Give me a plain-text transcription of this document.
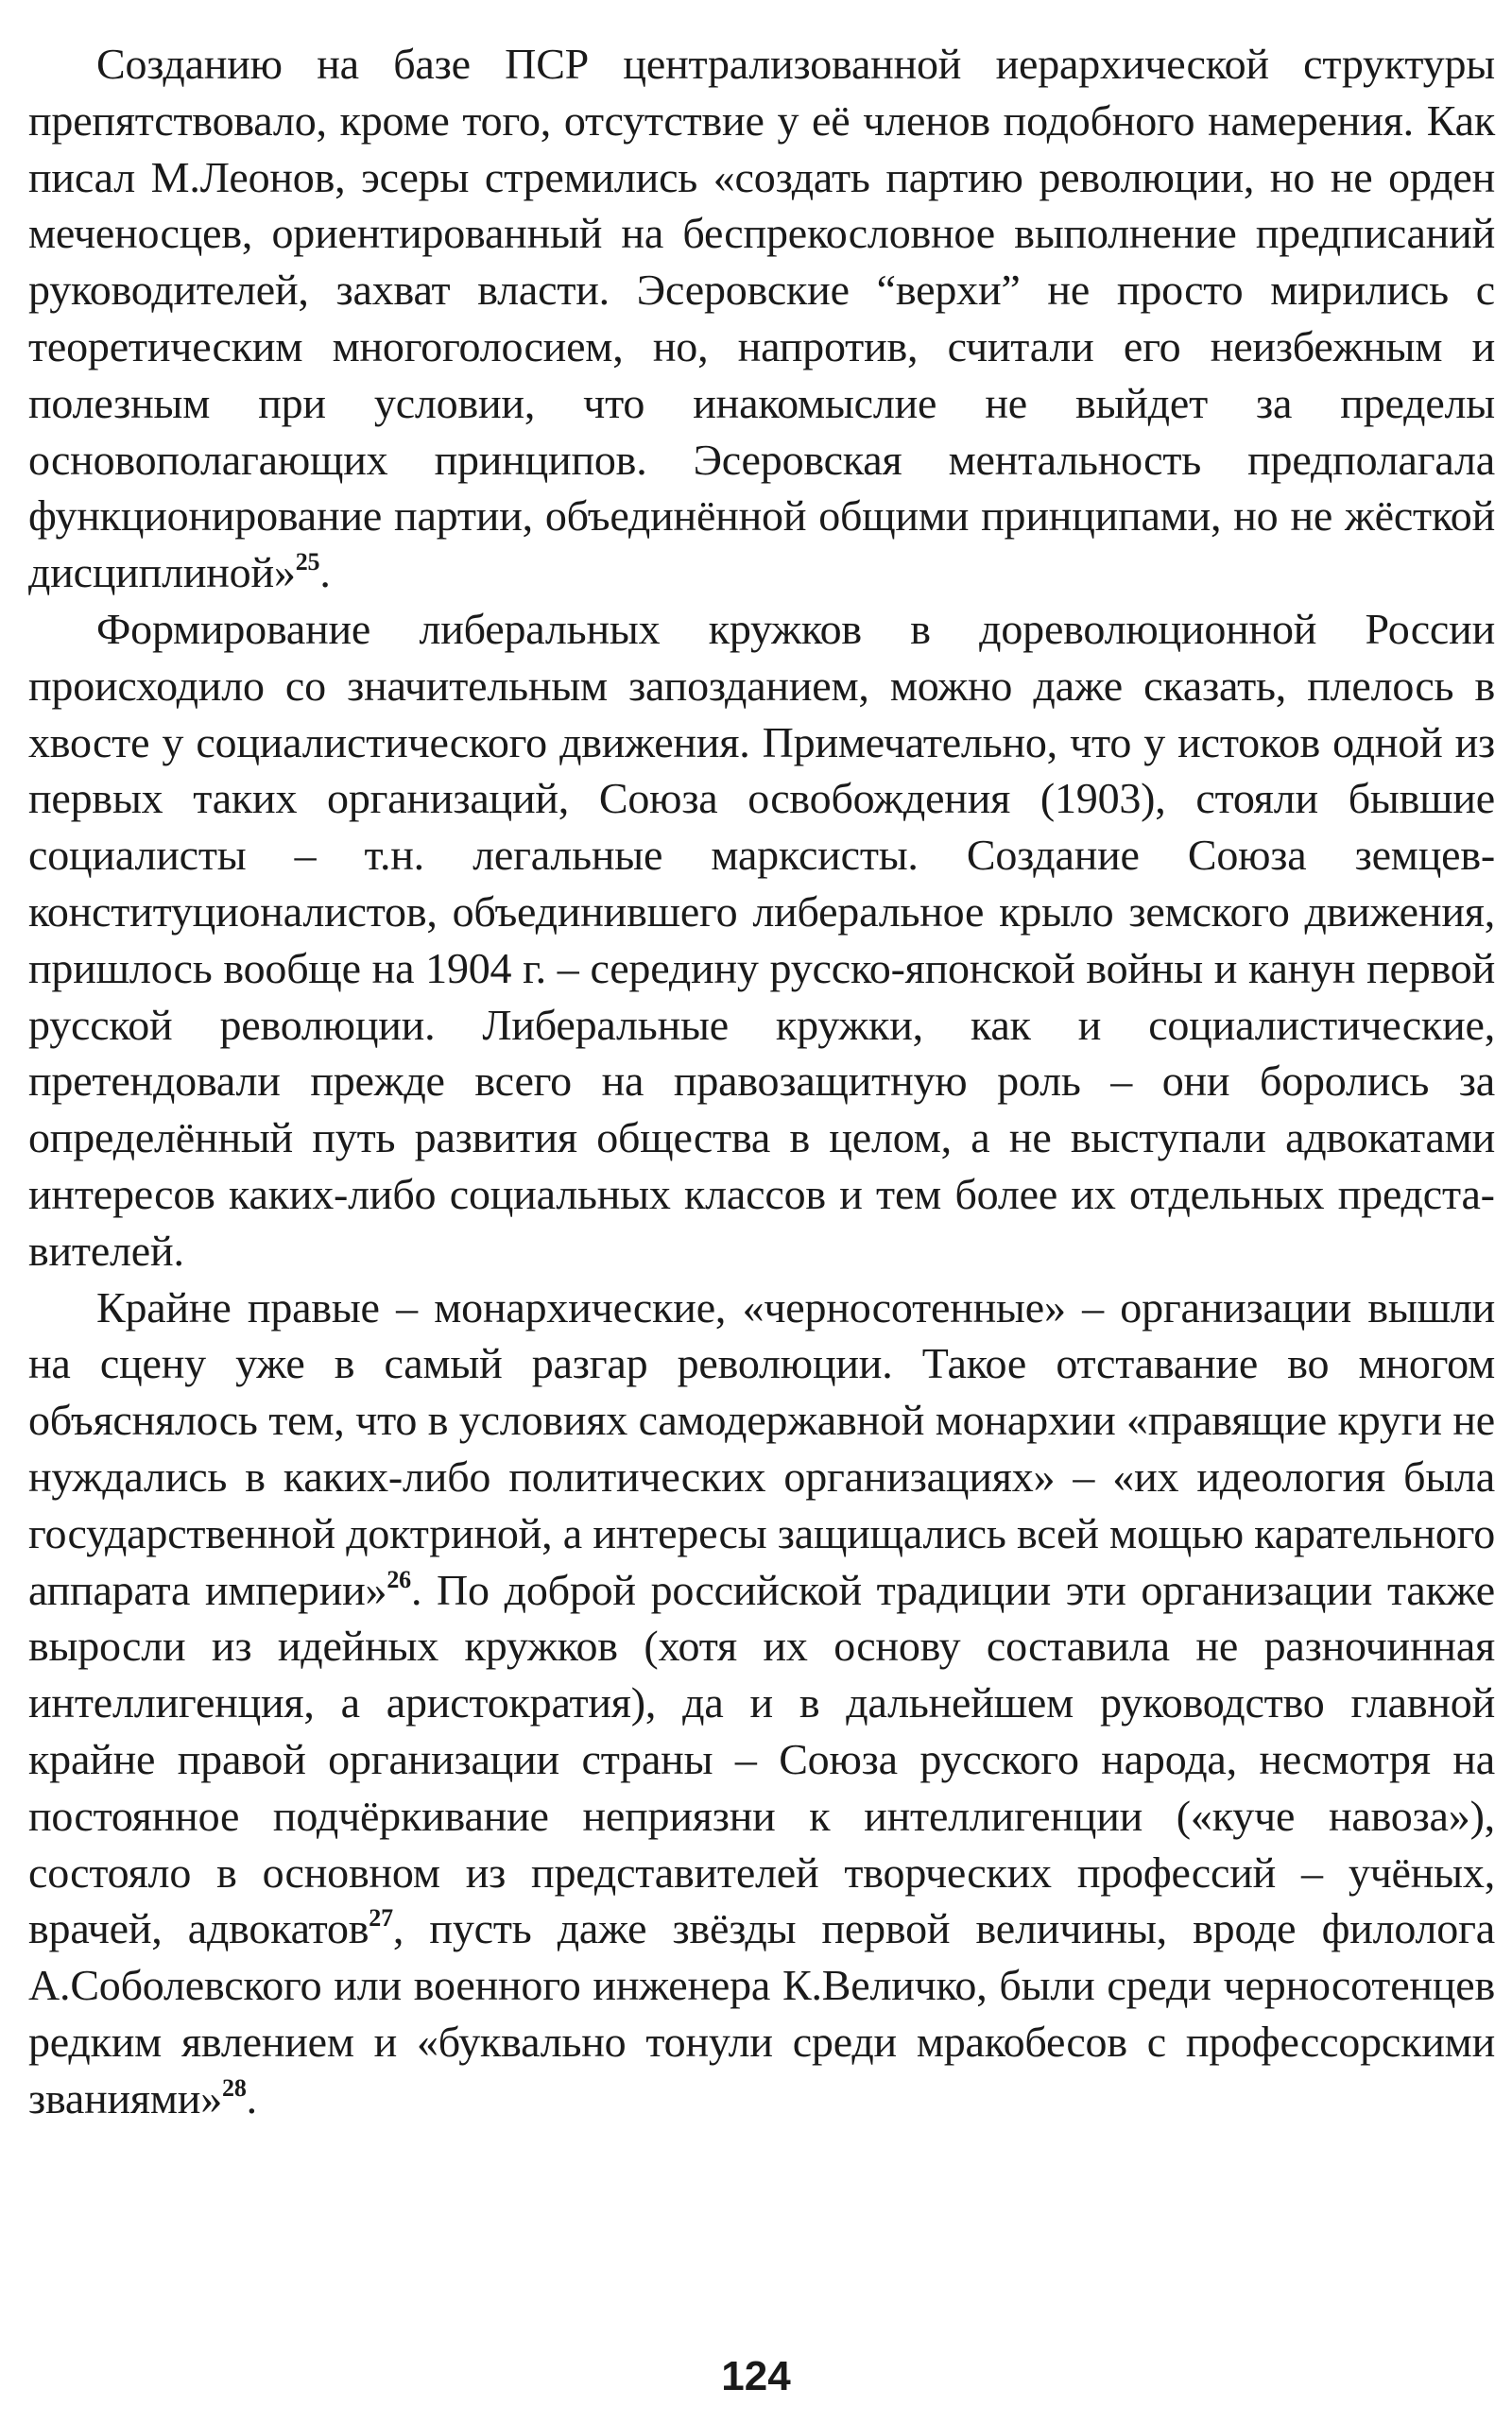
Созданию на базе ПСР централизованной иерархической структуры препятствовало, кроме того, отсутствие у её членов подобного намерения. Как писал М.Леонов, эсеры стремились «создать партию революции, но не орден меченосцев, ориентированный на беспрекословное выполнение предписаний руководителей, захват власти. Эсеровские “верхи” не просто мирились с теоретическим многоголосием, но, напротив, считали его неизбежным и полезным при условии, что инакомыслие не выйдет за пределы основополагающих принципов. Эсеровская ментальность предполагала функционирование партии, объединённой общими принципами, но не жёсткой дисциплиной»$^{25}$.

Формирование либеральных кружков в дореволюционной России происходило со значительным запозданием, можно даже сказать, плелось в хвосте у социалистического движения. Примечательно, что у истоков одной из первых таких организаций, Союза освобождения (1903), стояли бывшие социалисты – т.н. легальные марксисты. Создание Союза земцев-конституционалистов, объединившего либеральное крыло земского движения, пришлось вообще на 1904 г. – середину русско-японской войны и канун первой русской революции. Либеральные кружки, как и социалистические, претендовали прежде всего на правозащитную роль – они боролись за определённый путь развития общества в целом, а не выступали адвокатами интересов каких-либо социальных классов и тем более их отдельных представителей.

Крайне правые – монархические, «черносотенные» – организации вышли на сцену уже в самый разгар революции. Такое отставание во многом объяснялось тем, что в условиях самодержавной монархии «правящие круги не нуждались в каких-либо политических организациях» – «их идеология была государственной доктриной, а интересы защищались всей мощью карательного аппарата империи»$^{26}$. По доброй российской традиции эти организации также выросли из идейных кружков (хотя их основу составила не разночинная интеллигенция, а аристократия), да и в дальнейшем руководство главной крайне правой организации страны – Союза русского народа, несмотря на постоянное подчёркивание неприязни к интеллигенции («куче навоза»), состояло в основном из представителей творческих профессий – учёных, врачей, адвокатов$^{27}$, пусть даже звёзды первой величины, вроде филолога А.Соболевского или военного инженера К.Величко, были среди черносотенцев редким явлением и «буквально тонули среди мракобесов с профессорскими званиями»$^{28}$.

124
